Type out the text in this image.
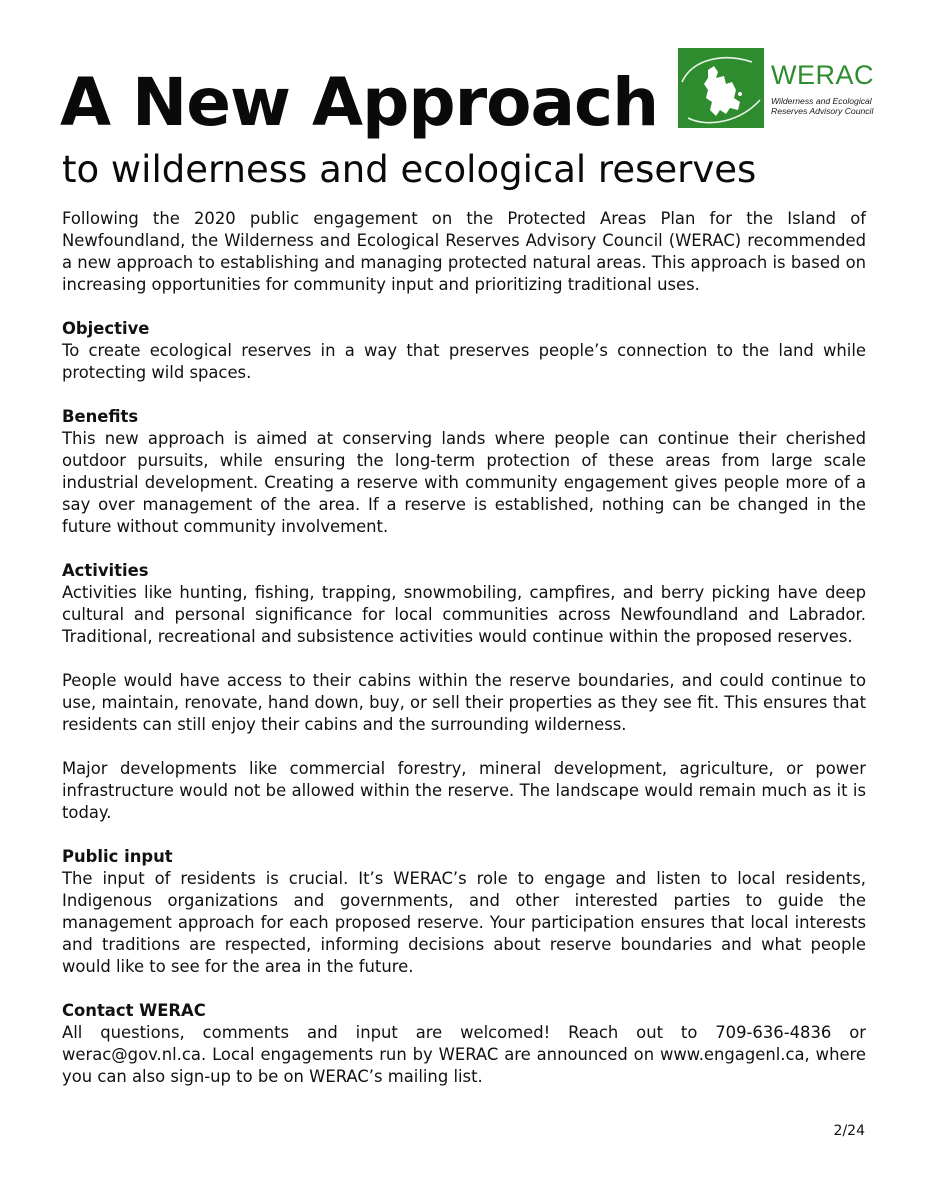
A New Approach
to wilderness and ecological reserves
WERAC
Wilderness and Ecological Reserves Advisory Council

Following the 2020 public engagement on the Protected Areas Plan for the Island of Newfoundland, the Wilderness and Ecological Reserves Advisory Council (WERAC) recommended a new approach to establishing and managing protected natural areas. This approach is based on increasing opportunities for community input and prioritizing traditional uses.

Objective

To create ecological reserves in a way that preserves people’s connection to the land while protecting wild spaces.

Benefits

This new approach is aimed at conserving lands where people can continue their cherished outdoor pursuits, while ensuring the long-term protection of these areas from large scale industrial development. Creating a reserve with community engagement gives people more of a say over management of the area. If a reserve is established, nothing can be changed in the future without community involvement.

Activities

Activities like hunting, fishing, trapping, snowmobiling, campfires, and berry picking have deep cultural and personal significance for local communities across Newfoundland and Labrador. Traditional, recreational and subsistence activities would continue within the proposed reserves.

People would have access to their cabins within the reserve boundaries, and could continue to use, maintain, renovate, hand down, buy, or sell their properties as they see fit. This ensures that residents can still enjoy their cabins and the surrounding wilderness.

Major developments like commercial forestry, mineral development, agriculture, or power infrastructure would not be allowed within the reserve. The landscape would remain much as it is today.

Public input

The input of residents is crucial. It’s WERAC’s role to engage and listen to local residents, Indigenous organizations and governments, and other interested parties to guide the management approach for each proposed reserve. Your participation ensures that local interests and traditions are respected, informing decisions about reserve boundaries and what people would like to see for the area in the future.

Contact WERAC

All questions, comments and input are welcomed! Reach out to 709-636-4836 or werac@gov.nl.ca. Local engagements run by WERAC are announced on www.engagenl.ca, where you can also sign-up to be on WERAC’s mailing list.

2/24
